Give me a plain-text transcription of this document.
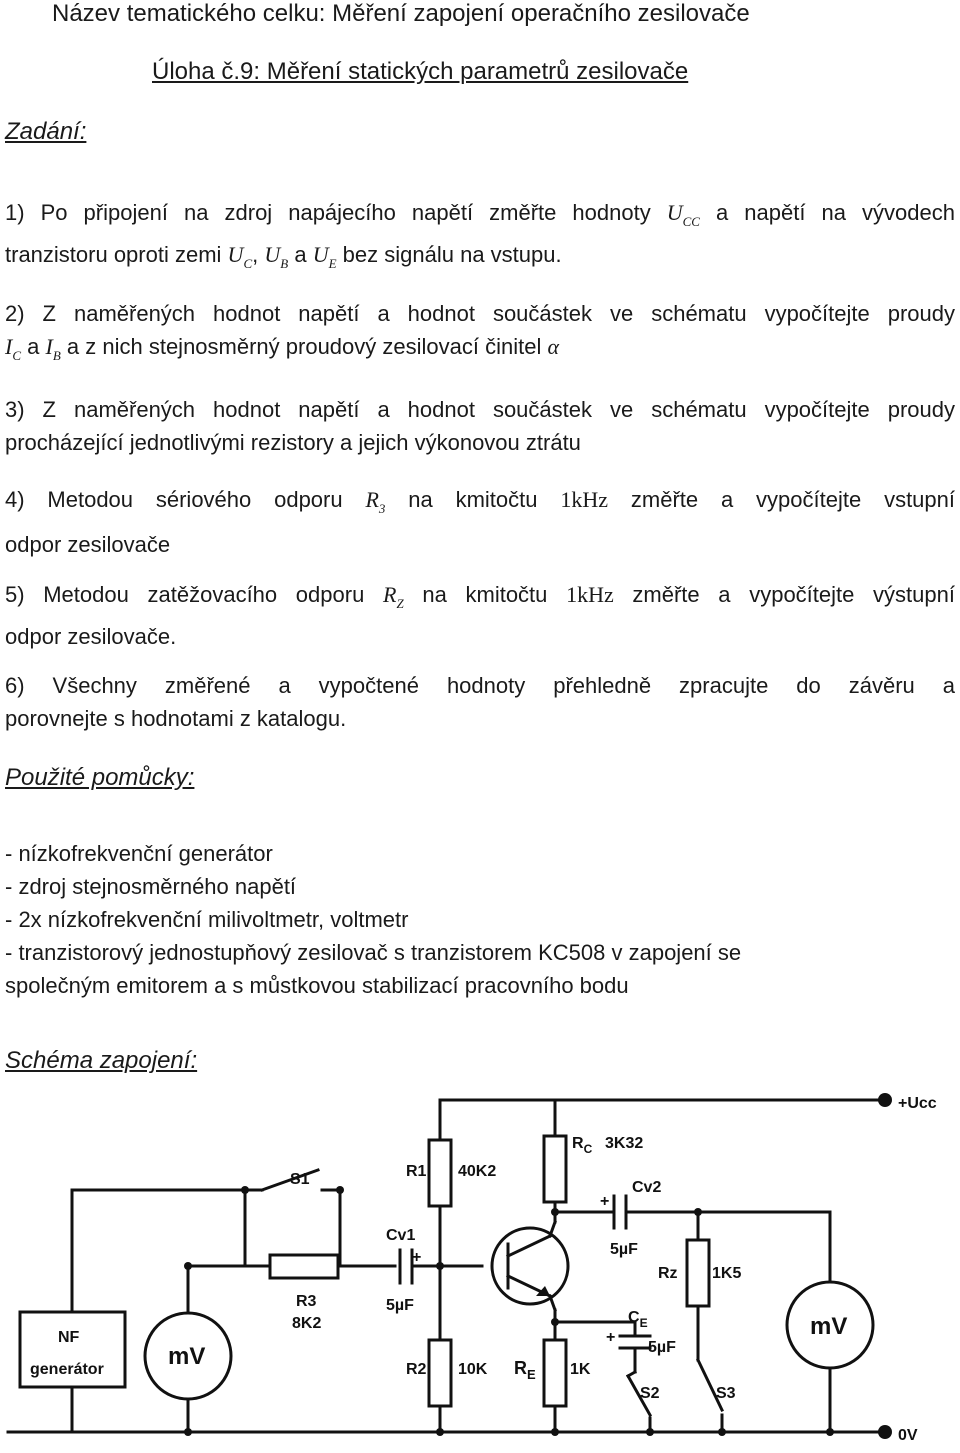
Název tematického celku: Měření zapojení operačního zesilovače
Úloha č.9: Měření statických parametrů zesilovače
Zadání:
1) Po připojení na zdroj napájecího napětí změřte hodnoty $U_{CC}$ a napětí na vývodech
tranzistoru oproti zemi $U_C$, $U_B$ a $U_E$ bez signálu na vstupu.
2) Z naměřených hodnot napětí a hodnot součástek ve schématu vypočítejte proudy
$I_C$ a $I_B$ a z nich stejnosměrný proudový zesilovací činitel α
3) Z naměřených hodnot napětí a hodnot součástek ve schématu vypočítejte proudy
procházející jednotlivými rezistory a jejich výkonovou ztrátu
4) Metodou sériového odporu $R_3$ na kmitočtu 1kHz změřte a vypočítejte vstupní
odpor zesilovače
5) Metodou zatěžovacího odporu $R_Z$ na kmitočtu 1kHz změřte a vypočítejte výstupní
odpor zesilovače.
6) Všechny změřené a vypočtené hodnoty přehledně zpracujte do závěru a
porovnejte s hodnotami z katalogu.
Použité pomůcky:
- nízkofrekvenční generátor
- zdroj stejnosměrného napětí
- 2x nízkofrekvenční milivoltmetr, voltmetr
- tranzistorový jednostupňový zesilovač s tranzistorem KC508 v zapojení se
společným emitorem a s můstkovou stabilizací pracovního bodu
Schéma zapojení:
+Ucc
0V
R1 40K2
$R_C$ 3K32
Cv2
+
5µF
S1
Cv1
+
5µF
R3
8K2
Rz 1K5
$C_E$
+
5µF
NF
generátor	mV
mV
R2 10K $R_E$ 1K
S2	S3
